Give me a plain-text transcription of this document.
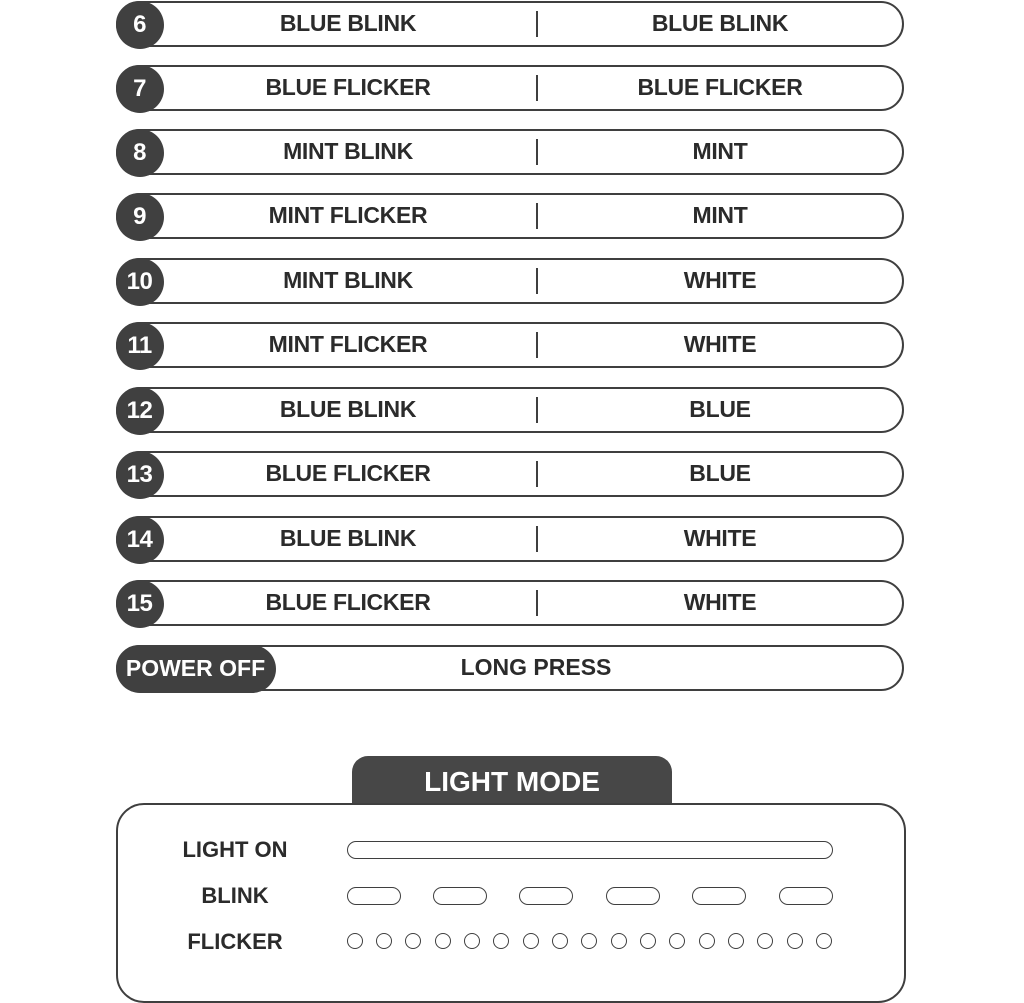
6	BLUE BLINK	BLUE BLINK
7	BLUE FLICKER	BLUE FLICKER
8	MINT BLINK	MINT
9	MINT FLICKER	MINT
10	MINT BLINK	WHITE
11	MINT FLICKER	WHITE
12	BLUE BLINK	BLUE
13	BLUE FLICKER	BLUE
14	BLUE BLINK	WHITE
15	BLUE FLICKER	WHITE
POWER OFF	LONG PRESS
LIGHT MODE
LIGHT ON
BLINK
FLICKER
